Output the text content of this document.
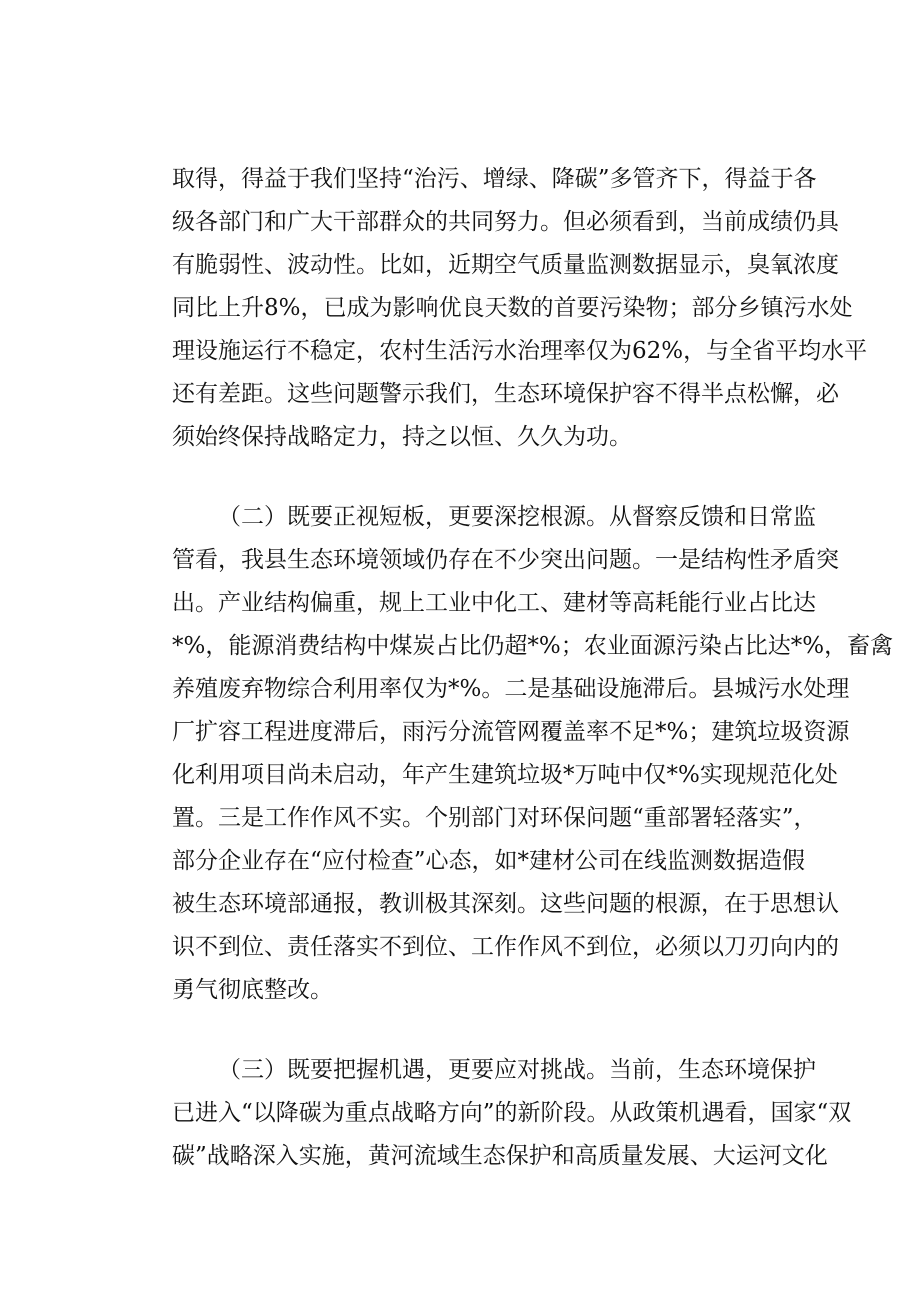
取得，得益于我们坚持“治污、增绿、降碳”多管齐下，得益于各
级各部门和广大干部群众的共同努力。但必须看到，当前成绩仍具
有脆弱性、波动性。比如，近期空气质量监测数据显示，臭氧浓度
同比上升8%，已成为影响优良天数的首要污染物；部分乡镇污水处
理设施运行不稳定，农村生活污水治理率仅为62%，与全省平均水平
还有差距。这些问题警示我们，生态环境保护容不得半点松懈，必
须始终保持战略定力，持之以恒、久久为功。
（二）既要正视短板，更要深挖根源。从督察反馈和日常监
管看，我县生态环境领域仍存在不少突出问题。一是结构性矛盾突
出。产业结构偏重，规上工业中化工、建材等高耗能行业占比达
*%，能源消费结构中煤炭占比仍超*%；农业面源污染占比达*%，畜禽
养殖废弃物综合利用率仅为*%。二是基础设施滞后。县城污水处理
厂扩容工程进度滞后，雨污分流管网覆盖率不足*%；建筑垃圾资源
化利用项目尚未启动，年产生建筑垃圾*万吨中仅*%实现规范化处
置。三是工作作风不实。个别部门对环保问题“重部署轻落实”，
部分企业存在“应付检查”心态，如*建材公司在线监测数据造假
被生态环境部通报，教训极其深刻。这些问题的根源，在于思想认
识不到位、责任落实不到位、工作作风不到位，必须以刀刃向内的
勇气彻底整改。
（三）既要把握机遇，更要应对挑战。当前，生态环境保护
已进入“以降碳为重点战略方向”的新阶段。从政策机遇看，国家“双
碳”战略深入实施，黄河流域生态保护和高质量发展、大运河文化
